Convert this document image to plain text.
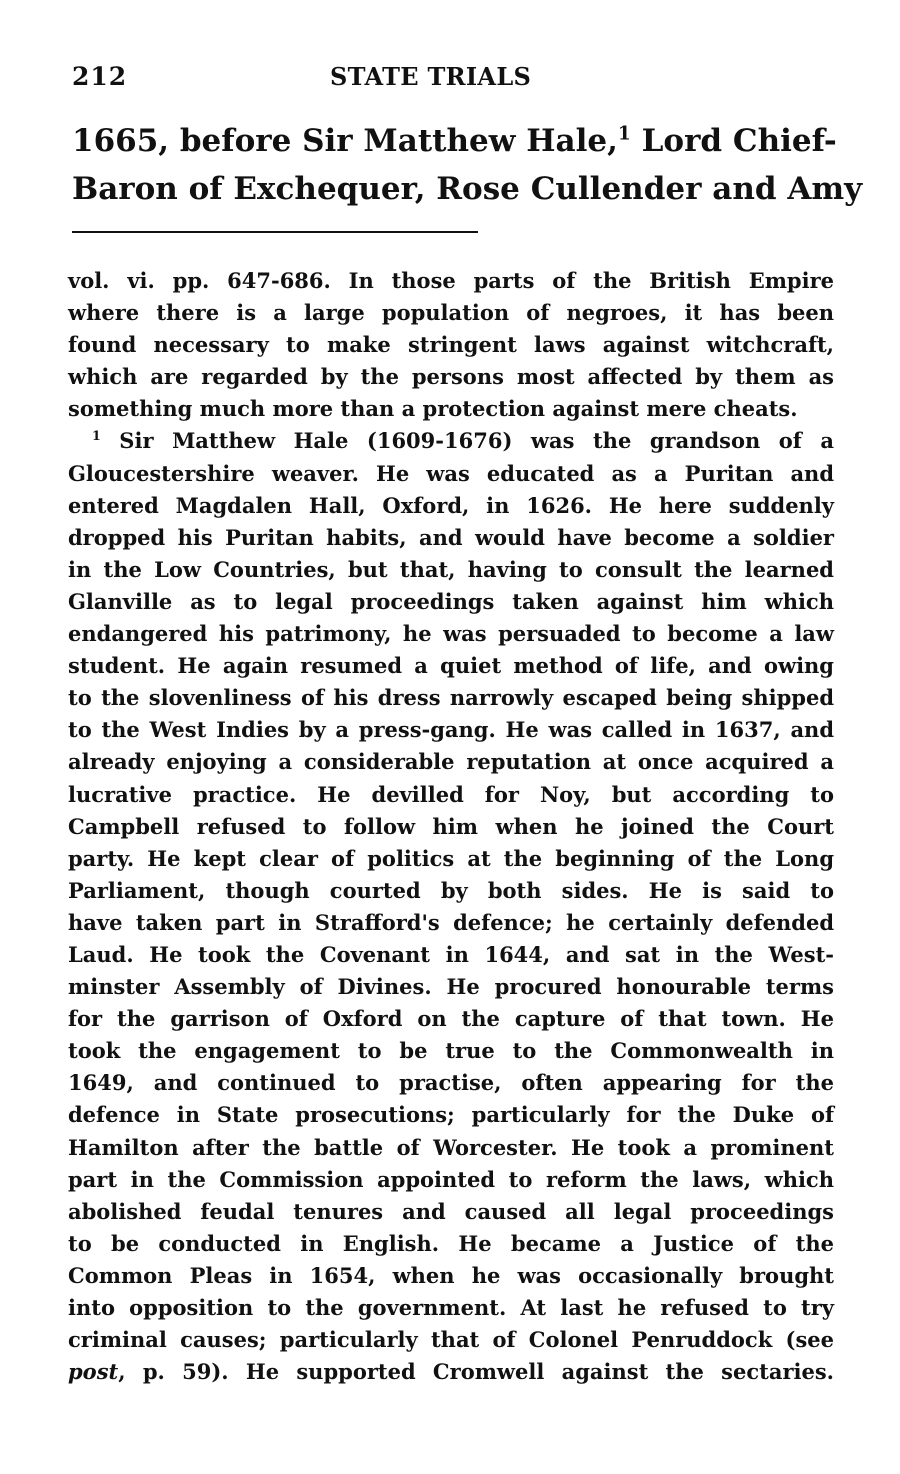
212	STATE TRIALS
1665, before Sir Matthew Hale,$^1$ Lord Chief-
Baron of Exchequer, Rose Cullender and Amy
vol. vi. pp. 647-686. In those parts of the British Empire
where there is a large population of negroes, it has been
found necessary to make stringent laws against witchcraft,
which are regarded by the persons most affected by them as
something much more than a protection against mere cheats.
$^1$ Sir Matthew Hale (1609-1676) was the grandson of a
Gloucestershire weaver. He was educated as a Puritan and
entered Magdalen Hall, Oxford, in 1626. He here suddenly
dropped his Puritan habits, and would have become a soldier
in the Low Countries, but that, having to consult the learned
Glanville as to legal proceedings taken against him which
endangered his patrimony, he was persuaded to become a law
student. He again resumed a quiet method of life, and owing
to the slovenliness of his dress narrowly escaped being shipped
to the West Indies by a press-gang. He was called in 1637, and
already enjoying a considerable reputation at once acquired a
lucrative practice. He devilled for Noy, but according to
Campbell refused to follow him when he joined the Court
party. He kept clear of politics at the beginning of the Long
Parliament, though courted by both sides. He is said to
have taken part in Strafford's defence; he certainly defended
Laud. He took the Covenant in 1644, and sat in the West-
minster Assembly of Divines. He procured honourable terms
for the garrison of Oxford on the capture of that town. He
took the engagement to be true to the Commonwealth in
1649, and continued to practise, often appearing for the
defence in State prosecutions; particularly for the Duke of
Hamilton after the battle of Worcester. He took a prominent
part in the Commission appointed to reform the laws, which
abolished feudal tenures and caused all legal proceedings
to be conducted in English. He became a Justice of the
Common Pleas in 1654, when he was occasionally brought
into opposition to the government. At last he refused to try
criminal causes; particularly that of Colonel Penruddock (see
post, p. 59). He supported Cromwell against the sectaries.
